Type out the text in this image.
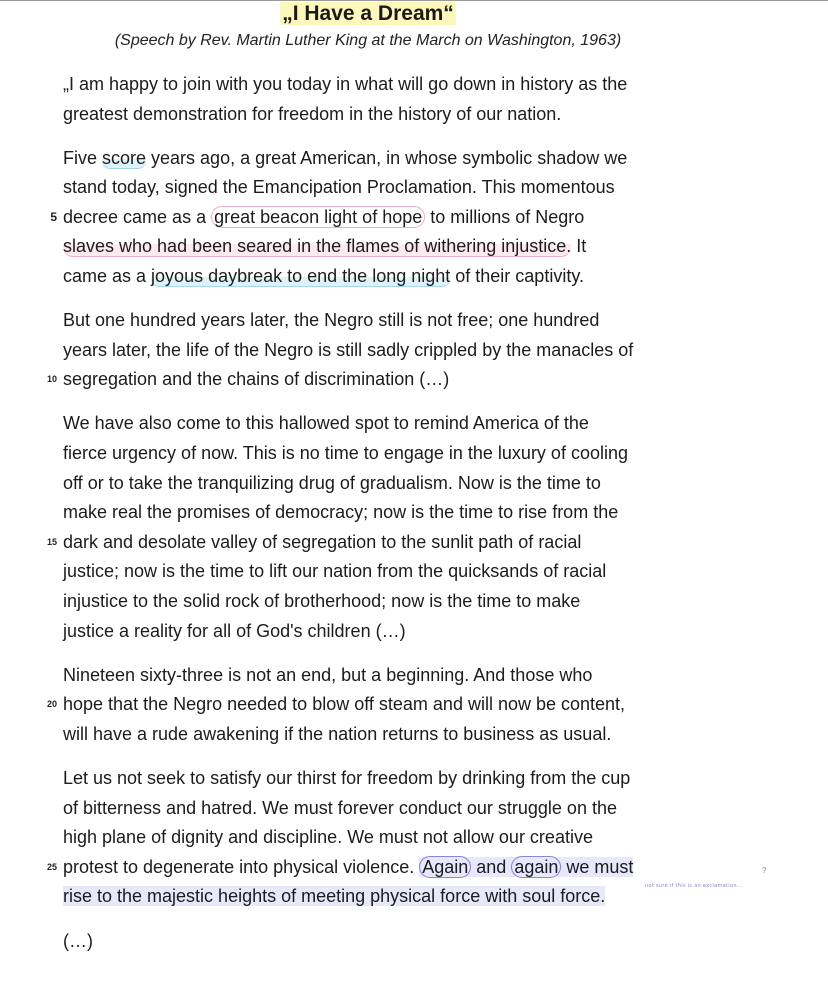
„I Have a Dream“
(Speech by Rev. Martin Luther King at the March on Washington, 1963)

„I am happy to join with you today in what will go down in history as the
greatest demonstration for freedom in the history of our nation.

Five score years ago, a great American, in whose symbolic shadow we
stand today, signed the Emancipation Proclamation. This momentous
5 decree came as a great beacon light of hope to millions of Negro
slaves who had been seared in the flames of withering injustice. It
came as a joyous daybreak to end the long night of their captivity.

But one hundred years later, the Negro still is not free; one hundred
years later, the life of the Negro is still sadly crippled by the manacles of
10 segregation and the chains of discrimination (…)

We have also come to this hallowed spot to remind America of the
fierce urgency of now. This is no time to engage in the luxury of cooling
off or to take the tranquilizing drug of gradualism. Now is the time to
make real the promises of democracy; now is the time to rise from the
15 dark and desolate valley of segregation to the sunlit path of racial
justice; now is the time to lift our nation from the quicksands of racial
injustice to the solid rock of brotherhood; now is the time to make
justice a reality for all of God's children (…)

Nineteen sixty-three is not an end, but a beginning. And those who
20 hope that the Negro needed to blow off steam and will now be content,
will have a rude awakening if the nation returns to business as usual.

Let us not seek to satisfy our thirst for freedom by drinking from the cup
of bitterness and hatred. We must forever conduct our struggle on the
high plane of dignity and discipline. We must not allow our creative
25 protest to degenerate into physical violence. Again and again we must
rise to the majestic heights of meeting physical force with soul force.

not sure if this is an exclamation...
?
(…)
